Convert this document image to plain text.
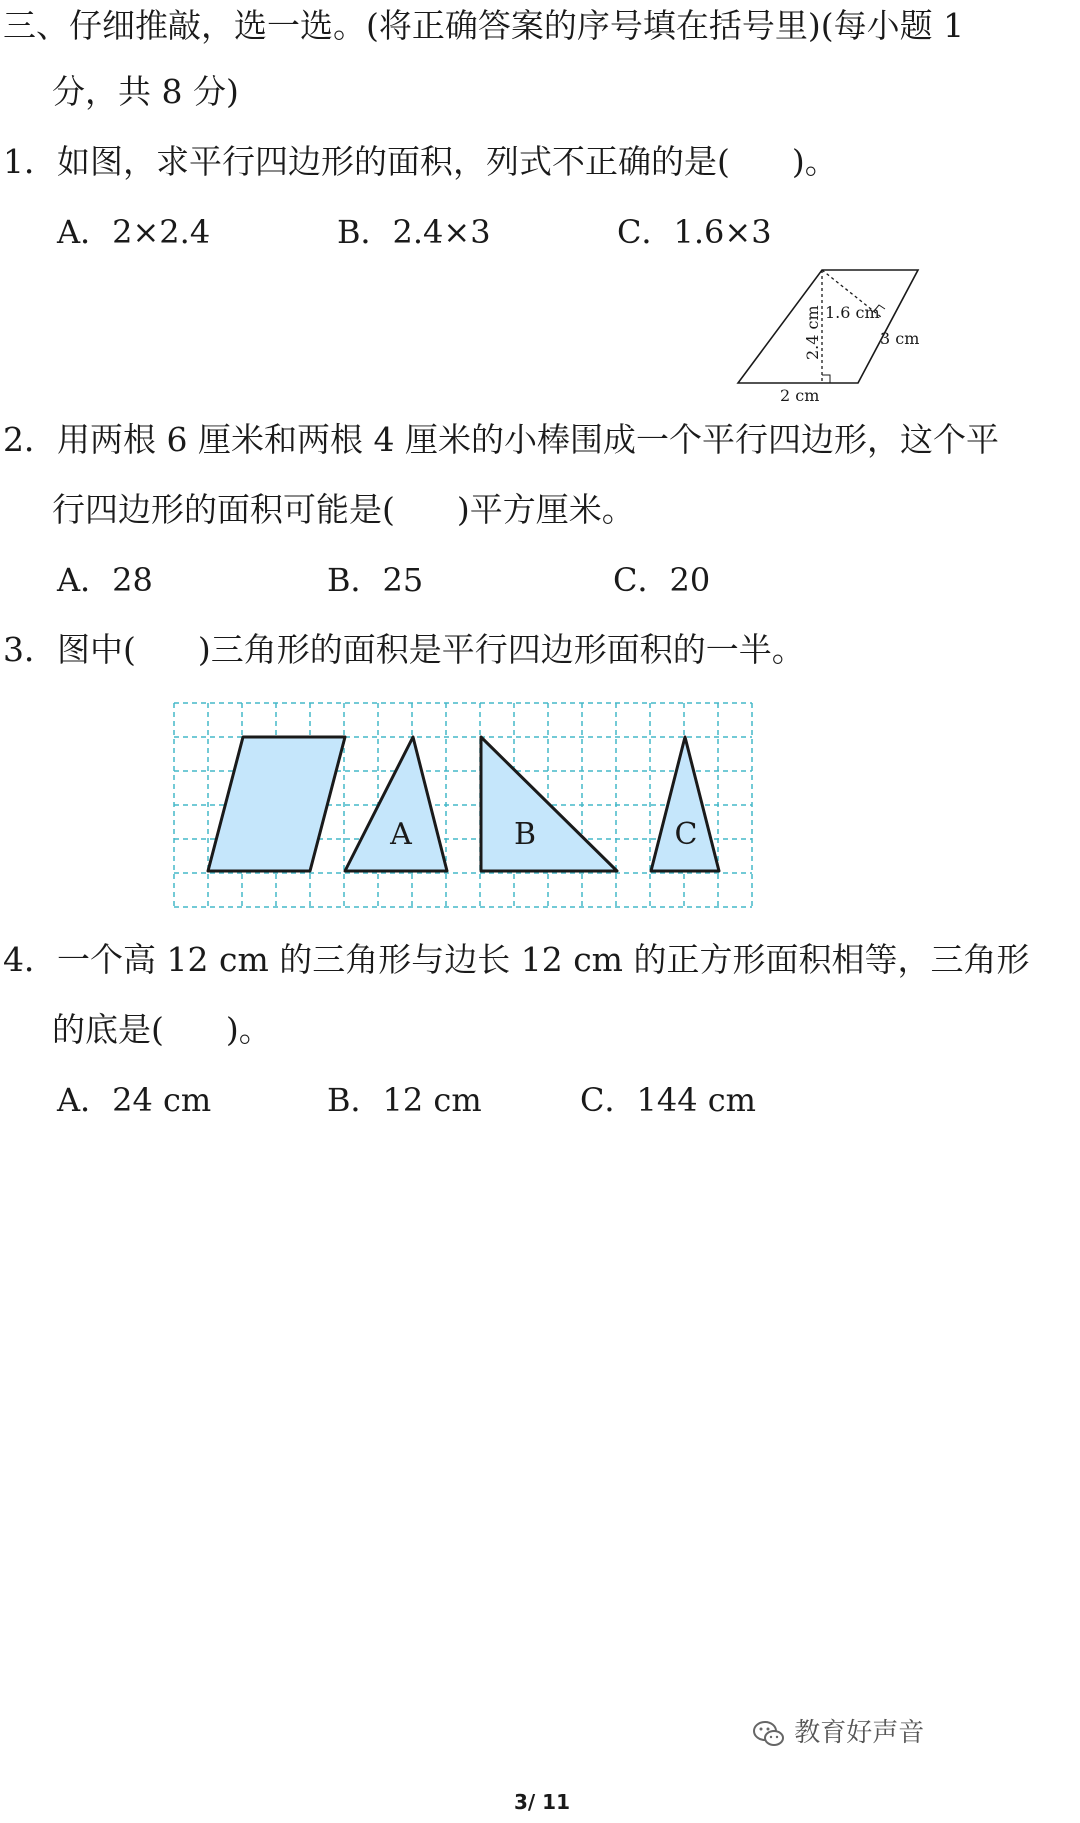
三、仔细推敲，选一选。(将正确答案的序号填在括号里)(每小题 1
分，共 8 分)
1．如图，求平行四边形的面积，列式不正确的是( )。
A．2×2.4	B．2.4×3	C．1.6×3
2.4 cm 1.6 cm
3 cm
2 cm
2．用两根 6 厘米和两根 4 厘米的小棒围成一个平行四边形，这个平
行四边形的面积可能是( )平方厘米。
A．28	B．25	C．20
3．图中( )三角形的面积是平行四边形面积的一半。
A	B	C
4．一个高 12 cm 的三角形与边长 12 cm 的正方形面积相等，三角形
的底是( )。
A．24 cm	B．12 cm	C．144 cm
教育好声音
3/ 11
